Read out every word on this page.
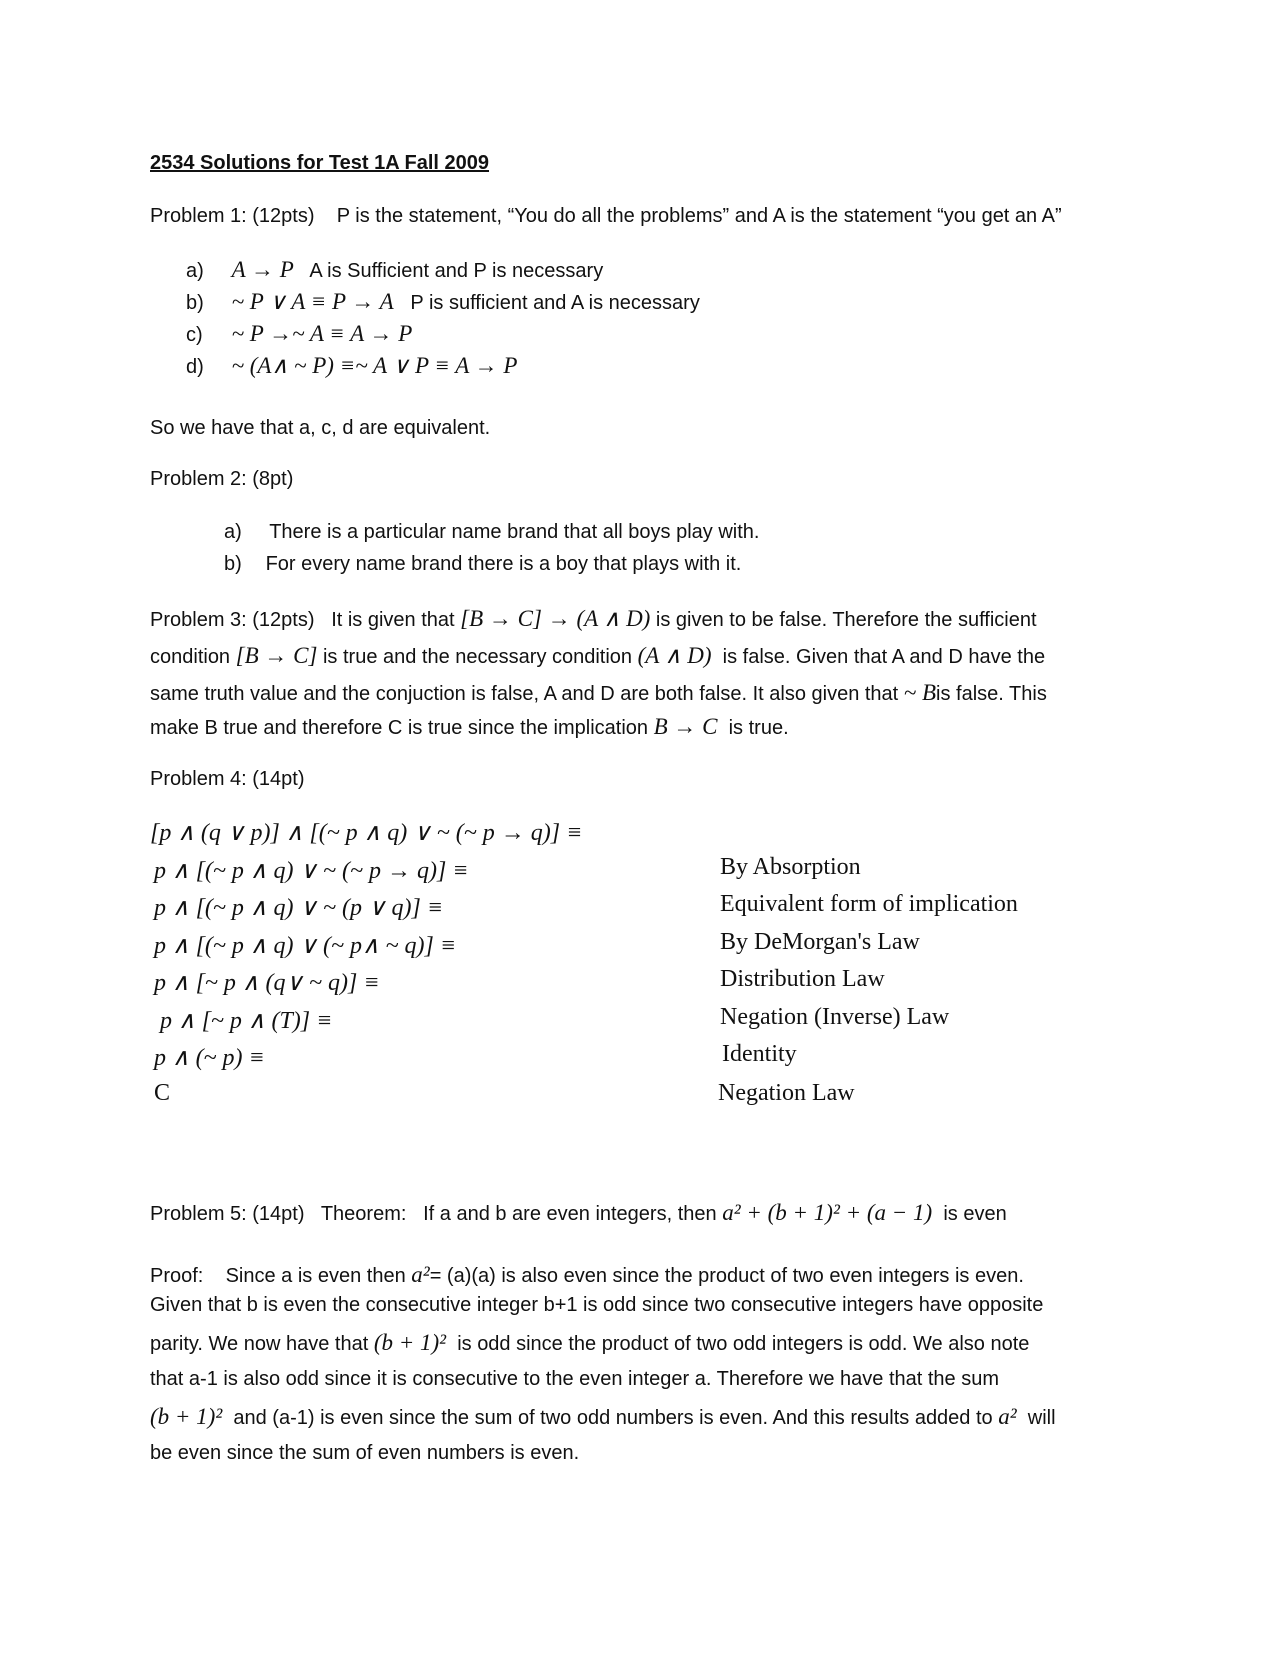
2534 Solutions for Test 1A Fall 2009
Problem 1: (12pts) P is the statement, “You do all the problems” and A is the statement “you get an A”
a) A → P A is Sufficient and P is necessary
b) ~ P ∨ A ≡ P → A P is sufficient and A is necessary
c) ~ P →~ A ≡ A → P
d) ~ (A∧ ~ P) ≡~ A ∨ P ≡ A → P
So we have that a, c, d are equivalent.
Problem 2: (8pt)
a) There is a particular name brand that all boys play with.
b) For every name brand there is a boy that plays with it.
Problem 3: (12pts) It is given that [B → C] → (A ∧ D) is given to be false. Therefore the sufficient
condition [B → C] is true and the necessary condition (A ∧ D) is false. Given that A and D have the
same truth value and the conjuction is false, A and D are both false. It also given that ~ Bis false. This
make B true and therefore C is true since the implication B → C is true.
Problem 4: (14pt)
[p ∧ (q ∨ p)] ∧ [(~ p ∧ q) ∨ ~ (~ p → q)] ≡
p ∧ [(~ p ∧ q) ∨ ~ (~ p → q)] ≡	By Absorption
p ∧ [(~ p ∧ q) ∨ ~ (p ∨ q)] ≡	Equivalent form of implication
p ∧ [(~ p ∧ q) ∨ (~ p∧ ~ q)] ≡	By DeMorgan's Law
p ∧ [~ p ∧ (q∨ ~ q)] ≡	Distribution Law
p ∧ [~ p ∧ (T)] ≡	Negation (Inverse) Law
p ∧ (~ p) ≡	Identity
C	Negation Law
Problem 5: (14pt) Theorem: If a and b are even integers, then a² + (b + 1)² + (a − 1) is even
Proof: Since a is even then a²= (a)(a) is also even since the product of two even integers is even.
Given that b is even the consecutive integer b+1 is odd since two consecutive integers have opposite
parity. We now have that (b + 1)² is odd since the product of two odd integers is odd. We also note
that a-1 is also odd since it is consecutive to the even integer a. Therefore we have that the sum
(b + 1)² and (a-1) is even since the sum of two odd numbers is even. And this results added to a² will
be even since the sum of even numbers is even.
